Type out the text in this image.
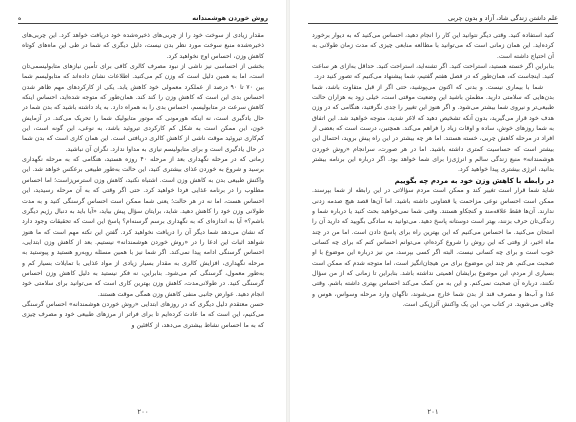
روش خوردن هوشمندانه
ه

مقدار زیادی از سوخت خود را از چربی‌های ذخیره‌شده خود دریافت خواهد کرد. این چربی‌های ذخیره‌شده منبع سوخت مورد نظر بدن نیست، دلیل دیگری که شما در طی این ماه‌های کوتاه کاهش وزن، احساس اوج نخواهید کرد.

بخشی از احساسی نیز ناشی از نبود مصرف کالری کافی برای تأمین نیازهای متابولیسمی‌تان است، اما به همین دلیل است که وزن کم می‌کنید. اطلاعات نشان داده‌اند که متابولیسم شما بین ۷۰ تا ۹۰ درصد از عملکرد معمولی خود کاهش یابد. یکی از کارکردهای مهم ظاهر شدن احساس بدی این است که کاهش وزن را کند کند. همان‌طور که متوجه شده‌اید، احساس اینکه کاهش سرعت در متابولیسم، احساس بدی را به همراه دارد. به یاد داشته باشید که بدن شما در حال یادگیری است، نه اینکه هورمونی که موتور متابولیک شما را تحریک می‌کند. در آزمایش خون، این ممکن است به شکل کم کارکردی تیروئید باشد، به نوعی، این گونه است، این کم‌کاری تیروئید موقت ناشی از کاهش کالری دریافتی است. این همان کاری است که بدن شما در حال یادگیری است و برای متابولیسم نیازی به مداوا ندارد. نگران آن نباشید.

زمانی که در مرحله نگهداری بعد از مرحله ۴۰ روزه هستید، هنگامی که به مرحله نگهداری برسید و شروع به خوردن غذای بیشتری کنید، این حالت به‌طور طبیعی برعکس خواهد شد. این واکنش طبیعی بدن به کاهش وزن است. اشتباه نکنید، کاهش وزن استرس‌زاست؛ اما احساس مطلوب را در برنامه غذایی فردا خواهید کرد. حتی اگر وقتی که به آن مرحله رسیدید، این احساس هست، اما نه در هر حالت؛ یعنی شما ممکن است احساس گرسنگی کنید و به مدت طولانی وزن خود را کاهش دهید. شاید، برایتان سؤال پیش بیاید، «آیا باید به دنبال رژیم دیگری باشم؟» آیا به اندازه‌ای که به نگهداری برسم گرسنه‌ام؟ پاسخ این است که تحقیقات وجود دارد که نشان می‌دهد شما دیگر آن را دریافت نخواهید کرد. گفتن این نکته مهم است که ما هنوز شواهد اثبات این ادعا را در «روش خوردن هوشمندانه» نیستیم. بعد از کاهش وزن ابتدایی، احساس گرسنگی ادامه پیدا نمی‌کند. اگر شما نیز با همین مسئله روبه‌رو هستید و پیوستید به مرحله نگهداری، افزایش کالری به مقدار بسیار زیادی از مواد غذایی با تمایلات بسیار کم و به‌طور معمول، گرسنگی کم می‌شود. بنابراین، نه فکر نیستید به دلیل کاهش وزن احساس گرسنگی کنید. در طولانی‌مدت، کاهش وزن بهترین کاری است که می‌توانید برای سلامتی خود انجام دهید. عوارض جانبی منفی کاهش وزن همگی موقت هستند.

حسن معتقدم دلیل دیگری که در روزهای ابتدایی «روش خوردن هوشمندانه» احساس گرسنگی می‌کنیم، این است که ما عادت کرده‌ایم تا برای فراتر از مرزهای طبیعی خود و مصرف چیزی که به ما احساس نشاط بیشتری می‌دهد، از کافئین و

۲۰۰
علم داشتن زندگی شاد، آزاد و بدون چربی

کنید استفاده کنید. وقتی دیگر نتوانید این کار را انجام دهید، احساس می‌کنید که به دیوار برخورد کرده‌اید. این همان زمانی است که می‌توانید با مطالعه منابعی چیزی که مدت زمان طولانی به آن احتیاج داشته است.

بنابراین اگر خسته هستید، استراحت کنید. اگر تشنه‌اید، استراحت کنید. حداقل به‌ازای هر ساعت کنید. اینجاست که، همان‌طور که در فصل هفتم گفتیم، شما پیشنهاد می‌کنیم که تصور کنید درد. ‎ ‎ شما با بیماری نیست. و بدنی که اکنون می‌پوشید، حتی اگر از قبل متفاوت باشد، شما بدن‌هایی که سلامتی دارید. مطمئن باشید این وضعیت موقتی است، خیلی زود به هزاران حالت طبیعی‌تر و نیروی شما بیشتر می‌شود. و اگر هنوز این تغییر را جدی نگرفتید، هنگامی که در وزن هدف خود قرار می‌گیرید، بدون آنکه تشخیص دهید که لاغر شدید، متوجه خواهید شد. این اتفاق به شما روزهای خوش، ساده و اوقات زیاد را فراهم می‌کند. همچنین، درست است که بعضی از افراد در مرحله کاهش چربی، خسته هستند. اما هر چه بیشتر در این راه پیش بروید، احتمال این بیشتر است که حساسیت کمتری داشته باشید. اما در هر صورت، سرانجام «روش خوردن هوشمندانه» منبع زندگی سالم و انرژی‌زا برای شما خواهد بود. اگر درباره این برنامه بیشتر بدانید، انرژی بیشتری پیدا خواهید کرد.

در رابطه با کاهش وزن خود به مردم چه بگوییم

شاید شما قرار است تغییر کند و ممکن است مردم سؤالاتی در این رابطه از شما بپرسند. ممکن است احساس نوعی مزاحمت یا قضاوتی داشته باشید. اما آن‌ها قصد هیچ صدمه زدنی ندارند. آن‌ها فقط علاقه‌مند و کنجکاو هستند. وقتی شما نمی‌خواهید بحث کنید یا درباره شما و زندگی‌تان حرف بزنند، بهتر است دوستانه پاسخ دهید. می‌توانید به سادگی بگویید که دارید آن را امتحان می‌کنید. ما احساس می‌کنیم که این بهترین راه برای پاسخ دادن است. اما من در چند ماه اخیر، از وقتی که این روش را شروع کرده‌ام، می‌توانم احساس کنم که برای چه کسانی خوب است و برای چه کسانی نیست. البته اگر کسی بپرسد، من نیز درباره این موضوع با او صحبت می‌کنم. هر چند این موضوع برای من هیجان‌انگیز است، اما متوجه شدم که ممکن است بسیاری از مردم، این موضوع برایشان اهمیتی نداشته باشد. بنابراین تا زمانی که از من سؤال نکنند، درباره آن صحبت نمی‌کنم. و این به من کمک می‌کند احساس بهتری داشته باشم. وقتی غذا و آب‌ها و مصرف قند از بدن شما خارج می‌شوند، ناگهان وارد مرحله وسواس، هوس و چاقی می‌شوید. در کتاب من، این یک واکنش آلرژیکی است.

۲۰۱
